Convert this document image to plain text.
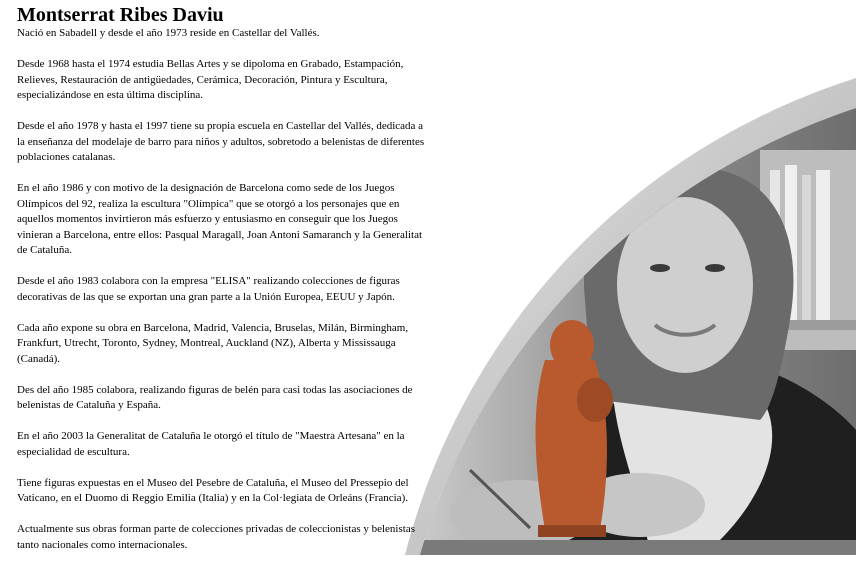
Montserrat Ribes Daviu

Nació en Sabadell y desde el año 1973 reside en Castellar del Vallés.

Desde 1968 hasta el 1974 estudia Bellas Artes y se dipoloma en Grabado, Estampación, Relieves, Restauración de antigüedades, Cerámica, Decoración, Pintura y Escultura, especializándose en esta última disciplina.

Desde el año 1978 y hasta el 1997 tiene su propia escuela en Castellar del Vallés, dedicada a la enseñanza del modelaje de barro para niños y adultos, sobretodo a belenistas de diferentes poblaciones catalanas.

En el año 1986 y con motivo de la designación de Barcelona como sede de los Juegos Olímpicos del 92, realiza la escultura "Olímpica" que se otorgó a los personajes que en aquellos momentos invirtieron más esfuerzo y entusiasmo en conseguir que los Juegos vinieran a Barcelona, entre ellos: Pasqual Maragall, Joan Antoni Samaranch y la Generalitat de Cataluña.

Desde el año 1983 colabora con la empresa "ELISA" realizando colecciones de figuras decorativas de las que se exportan una gran parte a la Unión Europea, EEUU y Japón.

Cada año expone su obra en Barcelona, Madrid, Valencia, Bruselas, Milán, Birmingham, Frankfurt, Utrecht, Toronto, Sydney, Montreal, Auckland (NZ), Alberta y Mississauga (Canadá).

Des del año 1985 colabora, realizando figuras de belén para casi todas las asociaciones de belenistas de Cataluña y España.

En el año 2003 la Generalitat de Cataluña le otorgó el título de "Maestra Artesana" en la especialidad de escultura.

Tiene figuras expuestas en el Museo del Pesebre de Cataluña, el Museo del Pressepio del Vaticano, en el Duomo di Reggio Emilia (Italia) y en la Col·legiata de Orleáns (Francia).

Actualmente sus obras forman parte de colecciones privadas de coleccionistas y belenistas tanto nacionales como internacionales.
